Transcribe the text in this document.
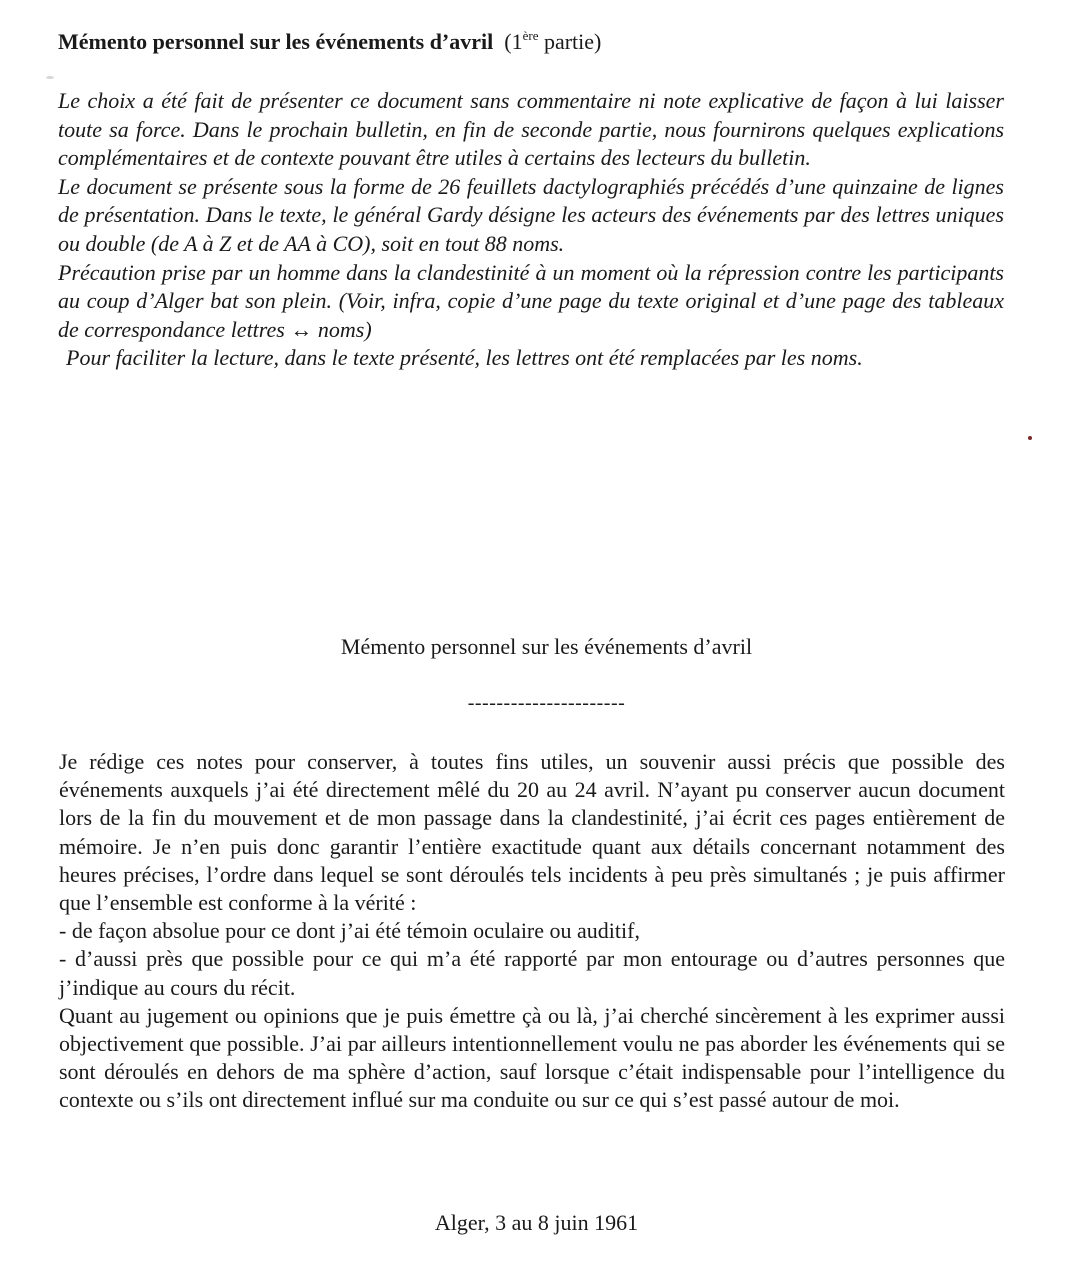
Mémento personnel sur les événements d’avril (1ère partie)

Le choix a été fait de présenter ce document sans commentaire ni note explicative de façon à lui laisser toute sa force. Dans le prochain bulletin, en fin de seconde partie, nous fournirons quelques explications complémentaires et de contexte pouvant être utiles à certains des lecteurs du bulletin.

Le document se présente sous la forme de 26 feuillets dactylographiés précédés d’une quinzaine de lignes de présentation. Dans le texte, le général Gardy désigne les acteurs des événements par des lettres uniques ou double (de A à Z et de AA à CO), soit en tout 88 noms.

Précaution prise par un homme dans la clandestinité à un moment où la répression contre les participants au coup d’Alger bat son plein. (Voir, infra, copie d’une page du texte original et d’une page des tableaux de correspondance lettres ↔ noms)

Pour faciliter la lecture, dans le texte présenté, les lettres ont été remplacées par les noms.

Mémento personnel sur les événements d’avril
----------------------

Je rédige ces notes pour conserver, à toutes fins utiles, un souvenir aussi précis que possible des événements auxquels j’ai été directement mêlé du 20 au 24 avril. N’ayant pu conserver aucun document lors de la fin du mouvement et de mon passage dans la clandestinité, j’ai écrit ces pages entièrement de mémoire. Je n’en puis donc garantir l’entière exactitude quant aux détails concernant notamment des heures précises, l’ordre dans lequel se sont déroulés tels incidents à peu près simultanés ; je puis affirmer que l’ensemble est conforme à la vérité :

- de façon absolue pour ce dont j’ai été témoin oculaire ou auditif,

- d’aussi près que possible pour ce qui m’a été rapporté par mon entourage ou d’autres personnes que j’indique au cours du récit.

Quant au jugement ou opinions que je puis émettre çà ou là, j’ai cherché sincèrement à les exprimer aussi objectivement que possible. J’ai par ailleurs intentionnellement voulu ne pas aborder les événements qui se sont déroulés en dehors de ma sphère d’action, sauf lorsque c’était indispensable pour l’intelligence du contexte ou s’ils ont directement influé sur ma conduite ou sur ce qui s’est passé autour de moi.

Alger, 3 au 8 juin 1961
